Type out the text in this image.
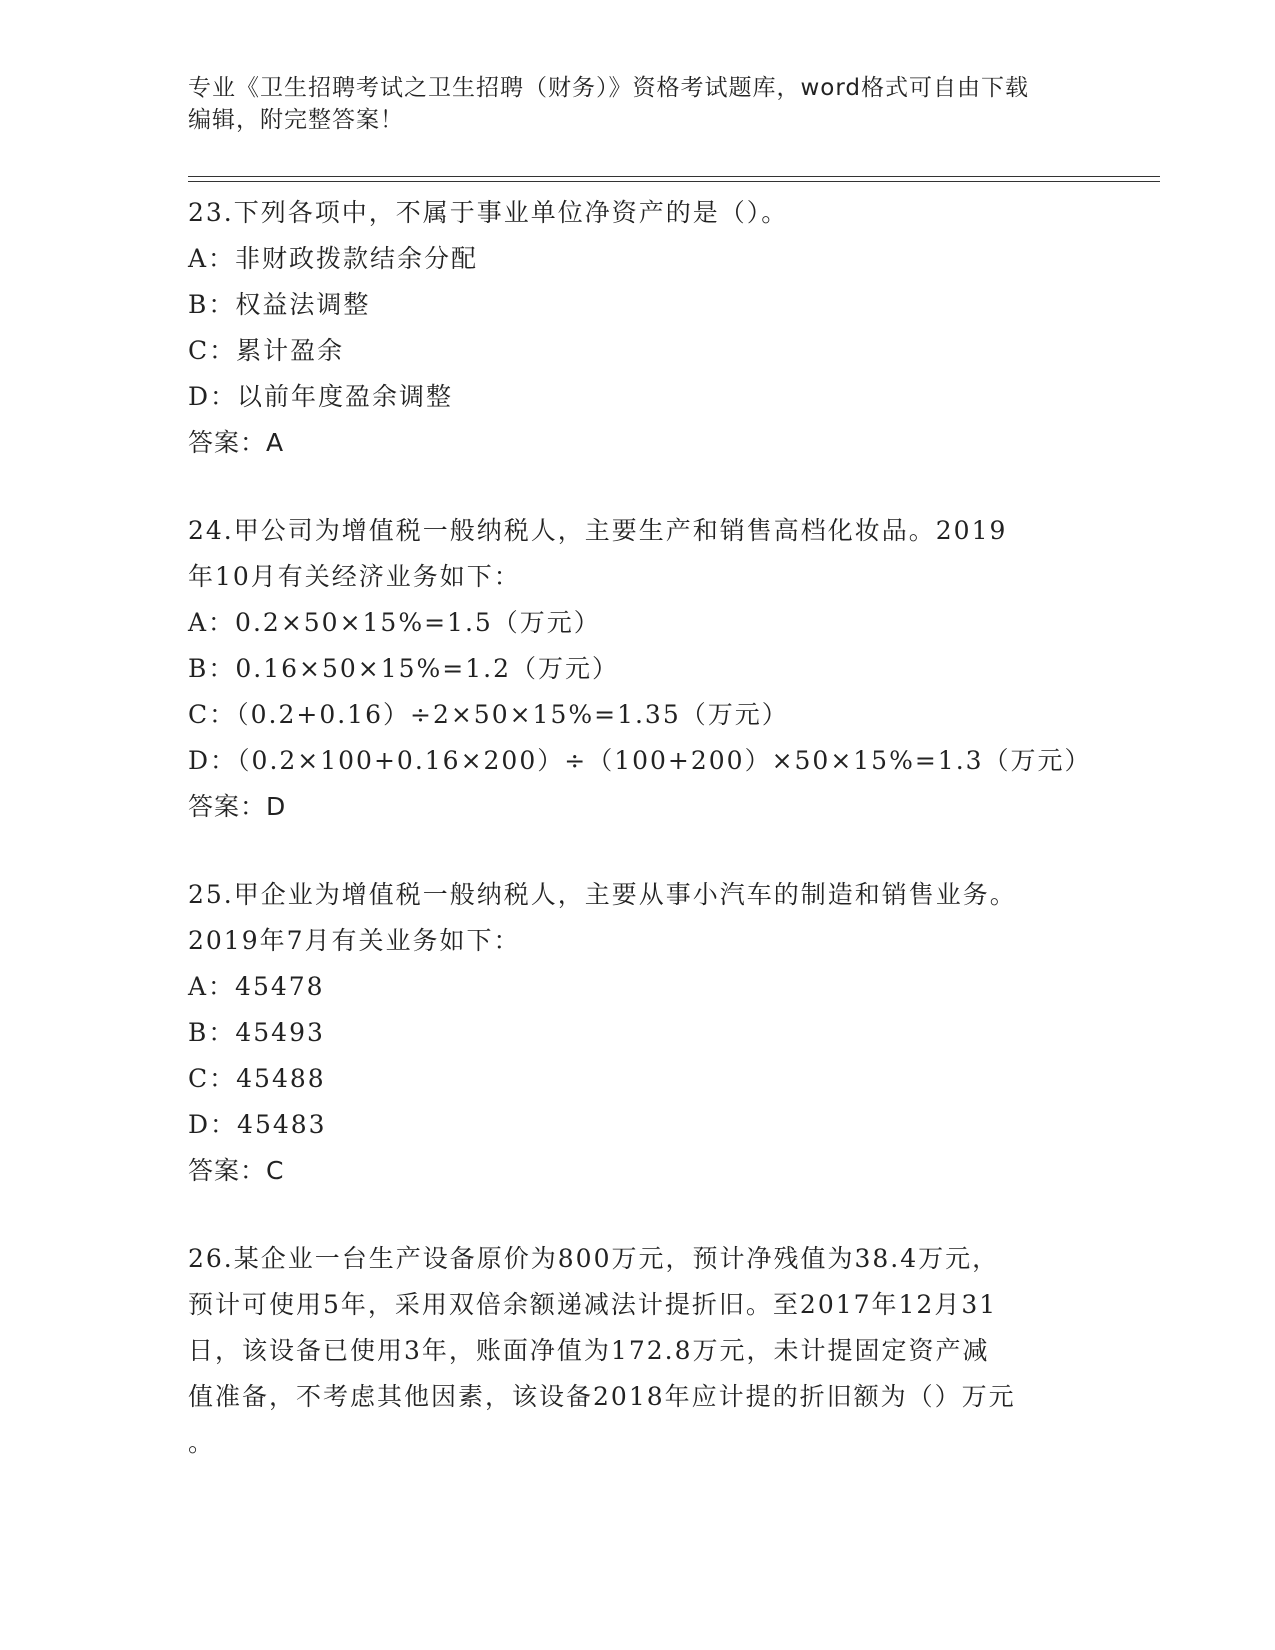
专业《卫生招聘考试之卫生招聘（财务）》资格考试题库，word格式可自由下载
编辑，附完整答案！
23.下列各项中，不属于事业单位净资产的是（）。
A：非财政拨款结余分配
B：权益法调整
C：累计盈余
D：以前年度盈余调整
答案：A
24.甲公司为增值税一般纳税人，主要生产和销售高档化妆品。2019
年10月有关经济业务如下：
A：0.2×50×15%=1.5（万元）
B：0.16×50×15%=1.2（万元）
C：（0.2+0.16）÷2×50×15%=1.35（万元）
D：（0.2×100+0.16×200）÷（100+200）×50×15%=1.3（万元）
答案：D
25.甲企业为增值税一般纳税人，主要从事小汽车的制造和销售业务。
2019年7月有关业务如下：
A：45478
B：45493
C：45488
D：45483
答案：C
26.某企业一台生产设备原价为800万元，预计净残值为38.4万元，
预计可使用5年，采用双倍余额递减法计提折旧。至2017年12月31
日，该设备已使用3年，账面净值为172.8万元，未计提固定资产减
值准备，不考虑其他因素，该设备2018年应计提的折旧额为（）万元
。
